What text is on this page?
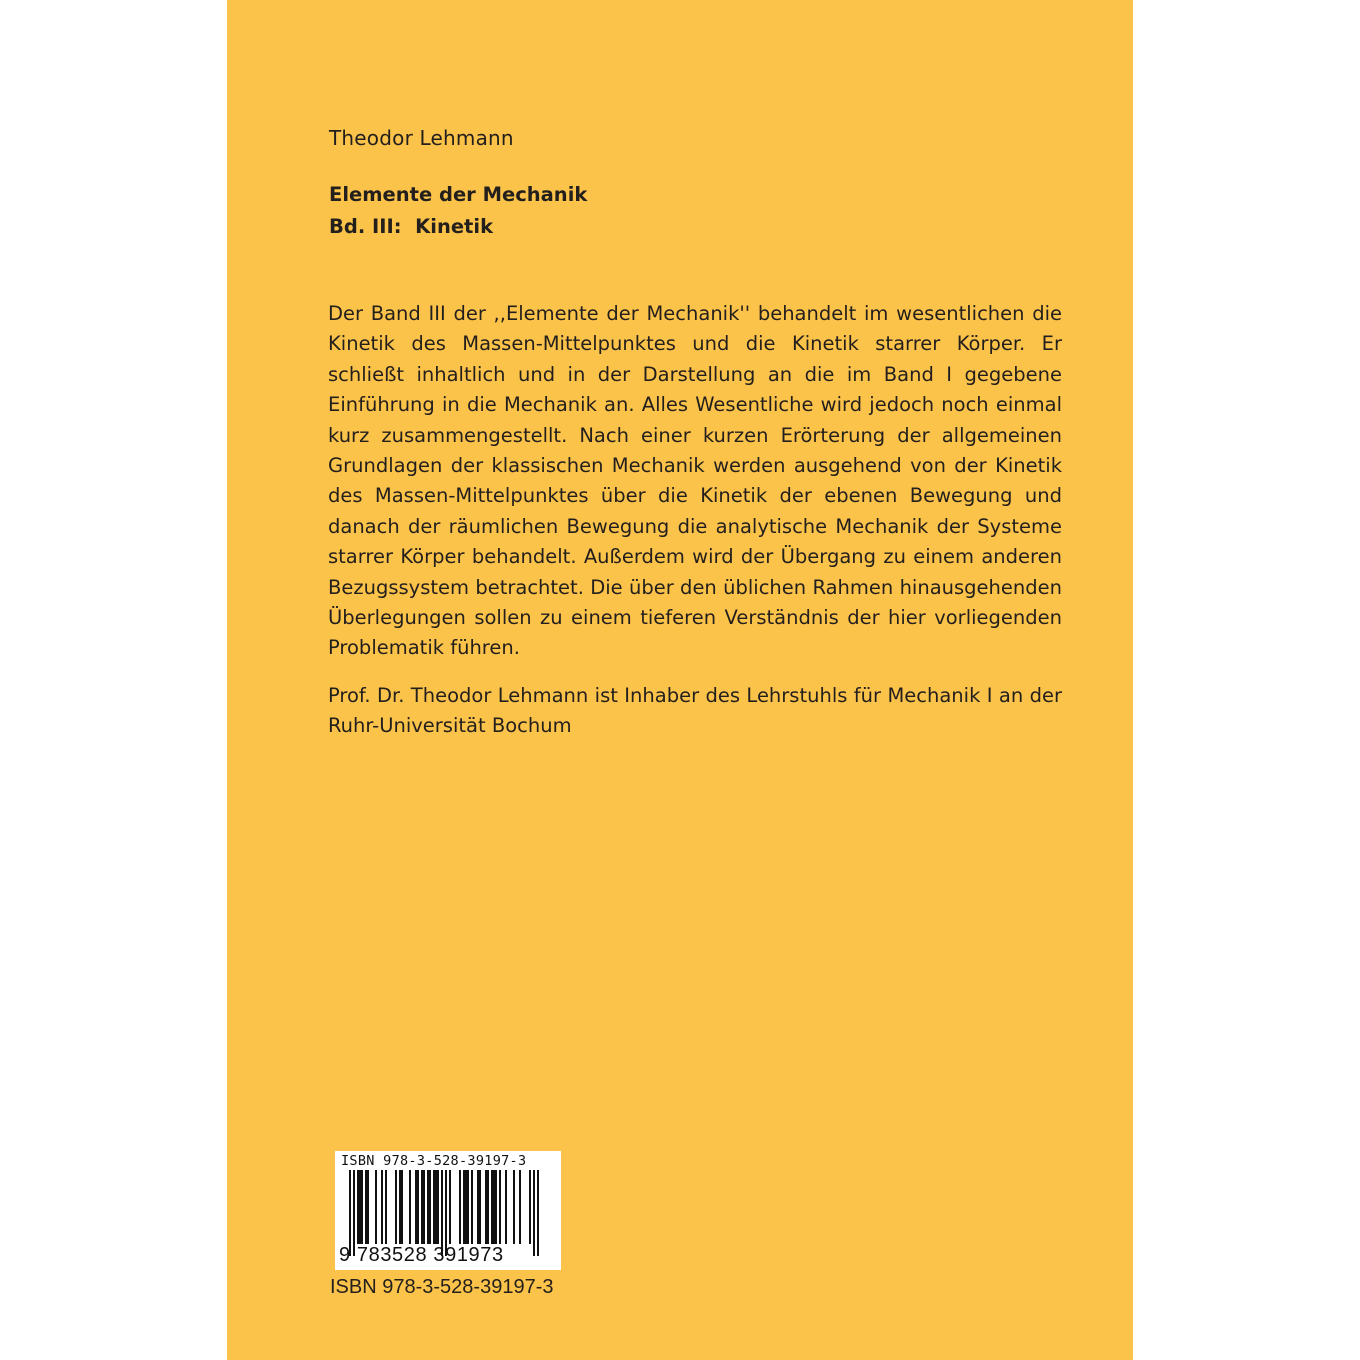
Theodor Lehmann
Elemente der Mechanik
Bd. III:  Kinetik
Der Band III der ,,Elemente der Mechanik'' behandelt im wesentlichen die Kinetik des Massen-Mittelpunktes und die Kinetik starrer Körper. Er schließt inhaltlich und in der Darstellung an die im Band I gegebene Einführung in die Mechanik an. Alles Wesentliche wird jedoch noch einmal kurz zusammengestellt. Nach einer kurzen Erörterung der allgemeinen Grundlagen der klassischen Mechanik werden ausgehend von der Kinetik des Massen-Mittelpunktes über die Kinetik der ebenen Bewegung und danach der räumlichen Bewegung die analytische Mechanik der Systeme starrer Körper behandelt. Außerdem wird der Übergang zu einem anderen Bezugssystem betrachtet. Die über den üblichen Rahmen hinausgehenden Überlegungen sollen zu einem tieferen Verständnis der hier vorliegenden Problematik führen.
Prof. Dr. Theodor Lehmann ist Inhaber des Lehrstuhls für Mechanik I an der Ruhr-Universität Bochum
ISBN 978-3-528-39197-3
9 783528 391973
ISBN 978-3-528-39197-3
